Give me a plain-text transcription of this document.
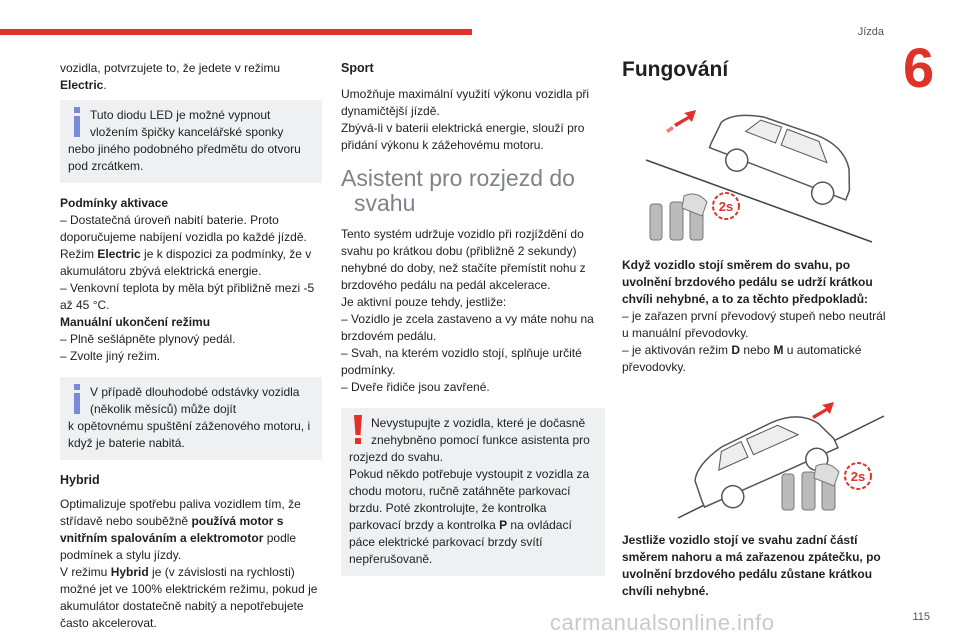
Jízda
6

vozidla, potvrzujete to, že jedete v režimu
Electric.

Tuto diodu LED je možné vypnout

vložením špičky kancelářské sponky

nebo jiného podobného předmětu do otvoru pod zrcátkem.

Podmínky aktivace

– Dostatečná úroveň nabití baterie. Proto doporučujeme nabíjení vozidla po každé jízdě.

Režim Electric je k dispozici za podmínky, že v akumulátoru zbývá elektrická energie.

– Venkovní teplota by měla být přibližně mezi -5 až 45 °C.

Manuální ukončení režimu

– Plně sešlápněte plynový pedál.

– Zvolte jiný režim.

V případě dlouhodobé odstávky vozidla

(několik měsíců) může dojít

k opětovnému spuštění záženového motoru, i když je baterie nabitá.

Hybrid

Optimalizuje spotřebu paliva vozidlem tím, že střídavě nebo souběžně používá motor s vnitřním spalováním a elektromotor podle podmínek a stylu jízdy.

V režimu Hybrid je (v závislosti na rychlosti) možné jet ve 100% elektrickém režimu, pokud je akumulátor dostatečně nabitý a nepotřebujete často akcelerovat.

Sport

Umožňuje maximální využití výkonu vozidla při dynamičtější jízdě.

Zbývá-li v baterii elektrická energie, slouží pro přidání výkonu k zážehovému motoru.

Asistent pro rozjezd do
svahu

Tento systém udržuje vozidlo při rozjíždění do svahu po krátkou dobu (přibližně 2 sekundy) nehybné do doby, než stačíte přemístit nohu z brzdového pedálu na pedál akcelerace.

Je aktivní pouze tehdy, jestliže:

– Vozidlo je zcela zastaveno a vy máte nohu na brzdovém pedálu.

– Svah, na kterém vozidlo stojí, splňuje určité podmínky.

– Dveře řidiče jsou zavřené.

Nevystupujte z vozidla, které je dočasně

znehybněno pomocí funkce asistenta pro

rozjezd do svahu.
Pokud někdo potřebuje vystoupit z vozidla za chodu motoru, ručně zatáhněte parkovací brzdu. Poté zkontrolujte, že kontrolka parkovací brzdy a kontrolka P na ovládací páce elektrické parkovací brzdy svítí nepřerušovaně.

Fungování

2s

Když vozidlo stojí směrem do svahu, po uvolnění brzdového pedálu se udrží krátkou chvíli nehybné, a to za těchto předpokladů:

– je zařazen první převodový stupeň nebo neutrál u manuální převodovky.

– je aktivován režim D nebo M u automatické převodovky.

2s

Jestliže vozidlo stojí ve svahu zadní částí směrem nahoru a má zařazenou zpátečku, po uvolnění brzdového pedálu zůstane krátkou chvíli nehybné.

carmanualsonline.info	115
